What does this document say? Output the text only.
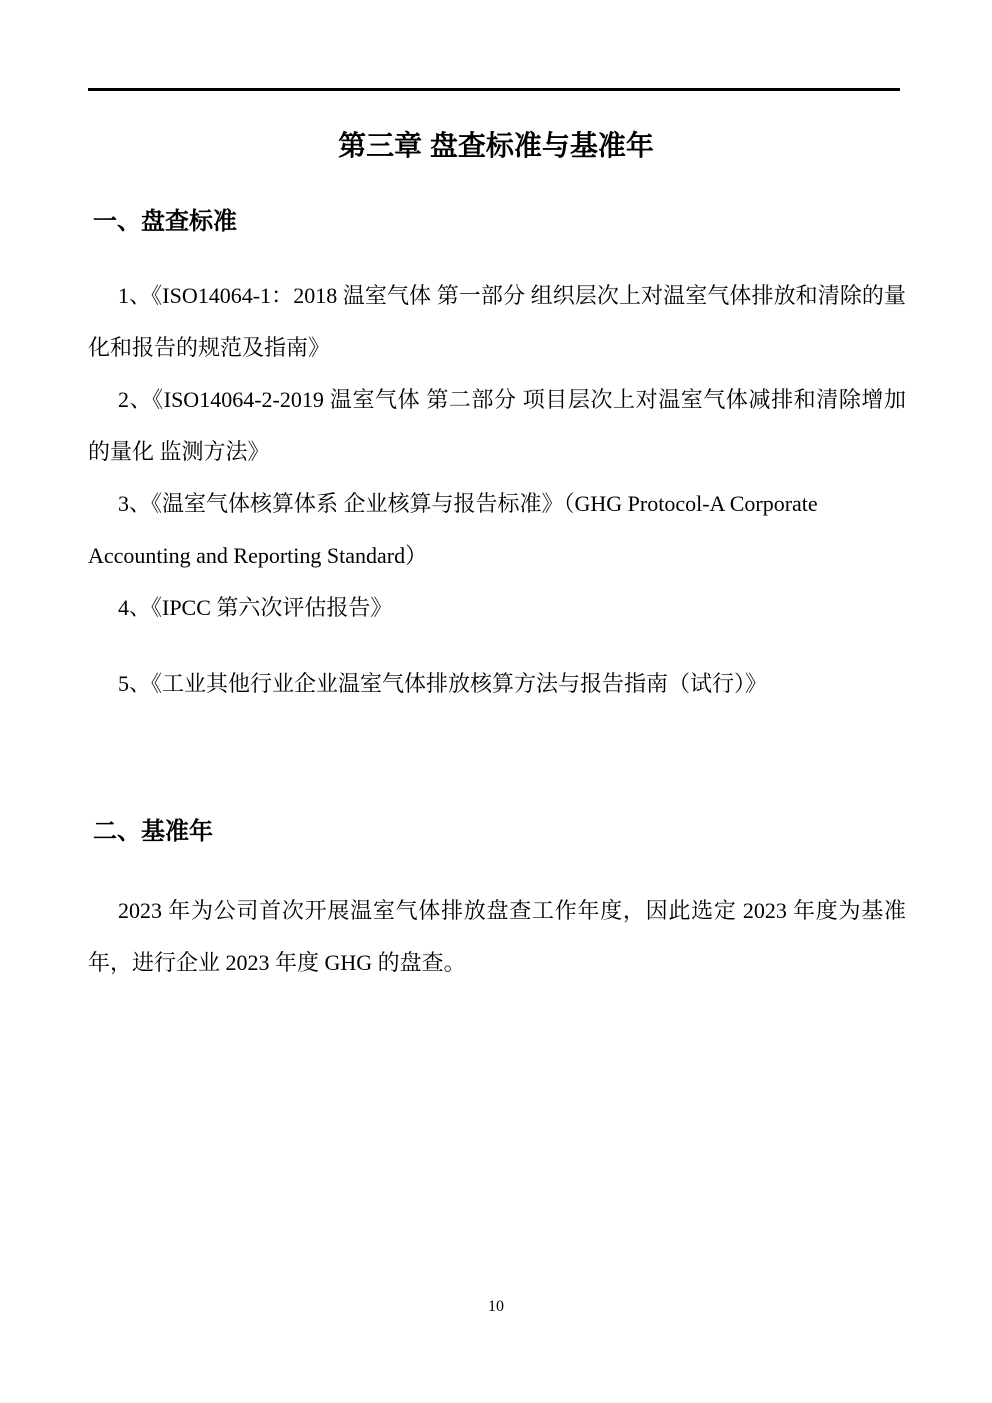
第三章 盘查标准与基准年
一、盘查标准

1、《ISO14064-1：2018 温室气体 第一部分 组织层次上对温室气体排放和清除的量化和报告的规范及指南》

2、《ISO14064-2-2019 温室气体 第二部分 项目层次上对温室气体减排和清除增加的量化 监测方法》

3、《温室气体核算体系 企业核算与报告标准》（GHG Protocol-A Corporate Accounting and Reporting Standard）

4、《IPCC 第六次评估报告》

5、《工业其他行业企业温室气体排放核算方法与报告指南（试行）》

二、基准年

2023 年为公司首次开展温室气体排放盘查工作年度，因此选定 2023 年度为基准年，进行企业 2023 年度 GHG 的盘查。

10
